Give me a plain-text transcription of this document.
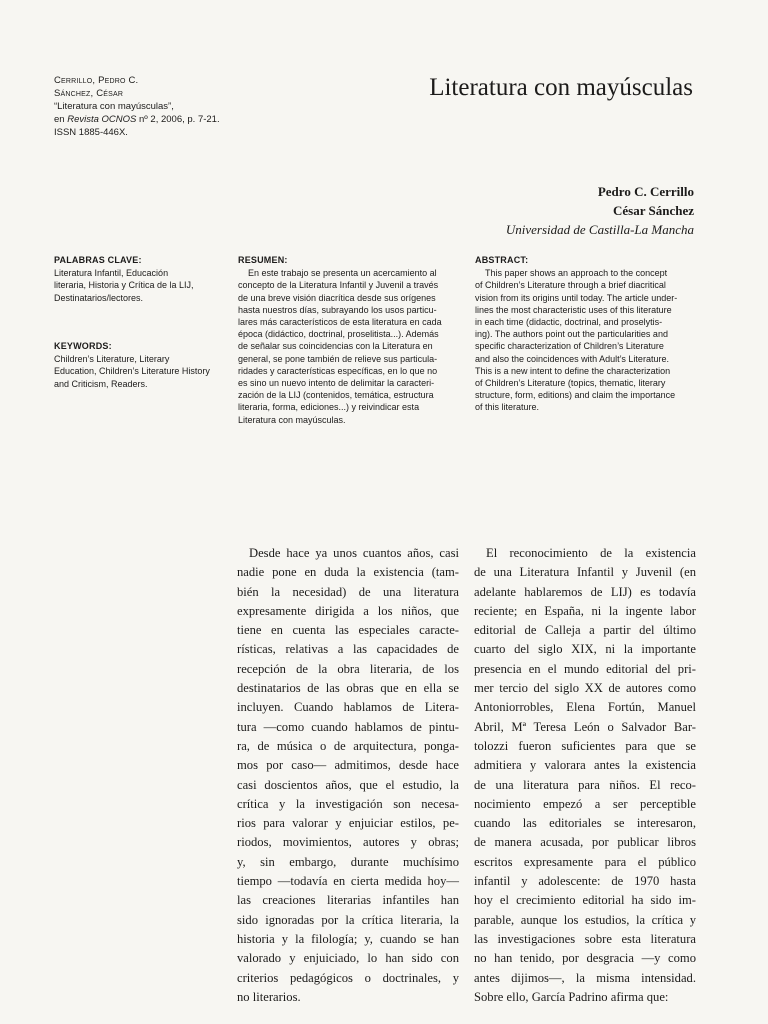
Cerrillo, Pedro C.
Sánchez, César
“Literatura con mayúsculas”,
en Revista OCNOS nº 2, 2006, p. 7-21.
ISSN 1885-446X.
Literatura con mayúsculas
Pedro C. Cerrillo
César Sánchez
Universidad de Castilla-La Mancha
PALABRAS CLAVE:
Literatura Infantil, Educación
literaria, Historia y Crítica de la LIJ,
Destinatarios/lectores.
KEYWORDS:
Children’s Literature, Literary
Education, Children’s Literature History
and Criticism, Readers.
RESUMEN:
En este trabajo se presenta un acercamiento al
concepto de la Literatura Infantil y Juvenil a través
de una breve visión diacrítica desde sus orígenes
hasta nuestros días, subrayando los usos particu-
lares más característicos de esta literatura en cada
época (didáctico, doctrinal, proselitista...). Además
de señalar sus coincidencias con la Literatura en
general, se pone también de relieve sus particula-
ridades y características específicas, en lo que no
es sino un nuevo intento de delimitar la caracteri-
zación de la LIJ (contenidos, temática, estructura
literaria, forma, ediciones...) y reivindicar esta
Literatura con mayúsculas.
ABSTRACT:
This paper shows an approach to the concept
of Children’s Literature through a brief diacritical
vision from its origins until today. The article under-
lines the most characteristic uses of this literature
in each time (didactic, doctrinal, and proselytis-
ing). The authors point out the particularities and
specific characterization of Children’s Literature
and also the coincidences with Adult’s Literature.
This is a new intent to define the characterization
of Children’s Literature (topics, thematic, literary
structure, form, editions) and claim the importance
of this literature.
Desde hace ya unos cuantos años, casi
nadie pone en duda la existencia (tam-
bién la necesidad) de una literatura
expresamente dirigida a los niños, que
tiene en cuenta las especiales caracte-
rísticas, relativas a las capacidades de
recepción de la obra literaria, de los
destinatarios de las obras que en ella se
incluyen. Cuando hablamos de Litera-
tura —como cuando hablamos de pintu-
ra, de música o de arquitectura, ponga-
mos por caso— admitimos, desde hace
casi doscientos años, que el estudio, la
crítica y la investigación son necesa-
rios para valorar y enjuiciar estilos, pe-
riodos, movimientos, autores y obras;
y, sin embargo, durante muchísimo
tiempo —todavía en cierta medida hoy—
las creaciones literarias infantiles han
sido ignoradas por la crítica literaria, la
historia y la filología; y, cuando se han
valorado y enjuiciado, lo han sido con
criterios pedagógicos o doctrinales, y
no literarios.
El reconocimiento de la existencia
de una Literatura Infantil y Juvenil (en
adelante hablaremos de LIJ) es todavía
reciente; en España, ni la ingente labor
editorial de Calleja a partir del último
cuarto del siglo XIX, ni la importante
presencia en el mundo editorial del pri-
mer tercio del siglo XX de autores como
Antoniorrobles, Elena Fortún, Manuel
Abril, Mª Teresa León o Salvador Bar-
tolozzi fueron suficientes para que se
admitiera y valorara antes la existencia
de una literatura para niños. El reco-
nocimiento empezó a ser perceptible
cuando las editoriales se interesaron,
de manera acusada, por publicar libros
escritos expresamente para el público
infantil y adolescente: de 1970 hasta
hoy el crecimiento editorial ha sido im-
parable, aunque los estudios, la crítica y
las investigaciones sobre esta literatura
no han tenido, por desgracia —y como
antes dijimos—, la misma intensidad.
Sobre ello, García Padrino afirma que:
